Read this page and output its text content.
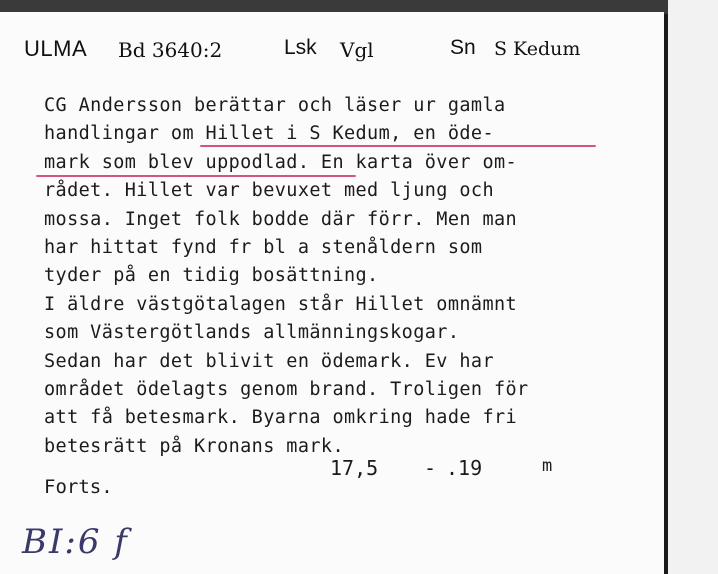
ULMA Bd 3640:2	Lsk Vgl	Sn S Kedum
CG Andersson berättar och läser ur gamla
handlingar om Hillet i S Kedum, en öde-
mark som blev uppodlad. En karta över om-
rådet. Hillet var bevuxet med ljung och
mossa. Inget folk bodde där förr. Men man
har hittat fynd fr bl a stenåldern som
tyder på en tidig bosättning.
I äldre västgötalagen står Hillet omnämnt
som Västergötlands allmänningskogar.
Sedan har det blivit en ödemark. Ev har
området ödelagts genom brand. Troligen för
att få betesmark. Byarna omkring hade fri
betesrätt på Kronans mark.
17,5 - .19	m
Forts.
BI:6 f
